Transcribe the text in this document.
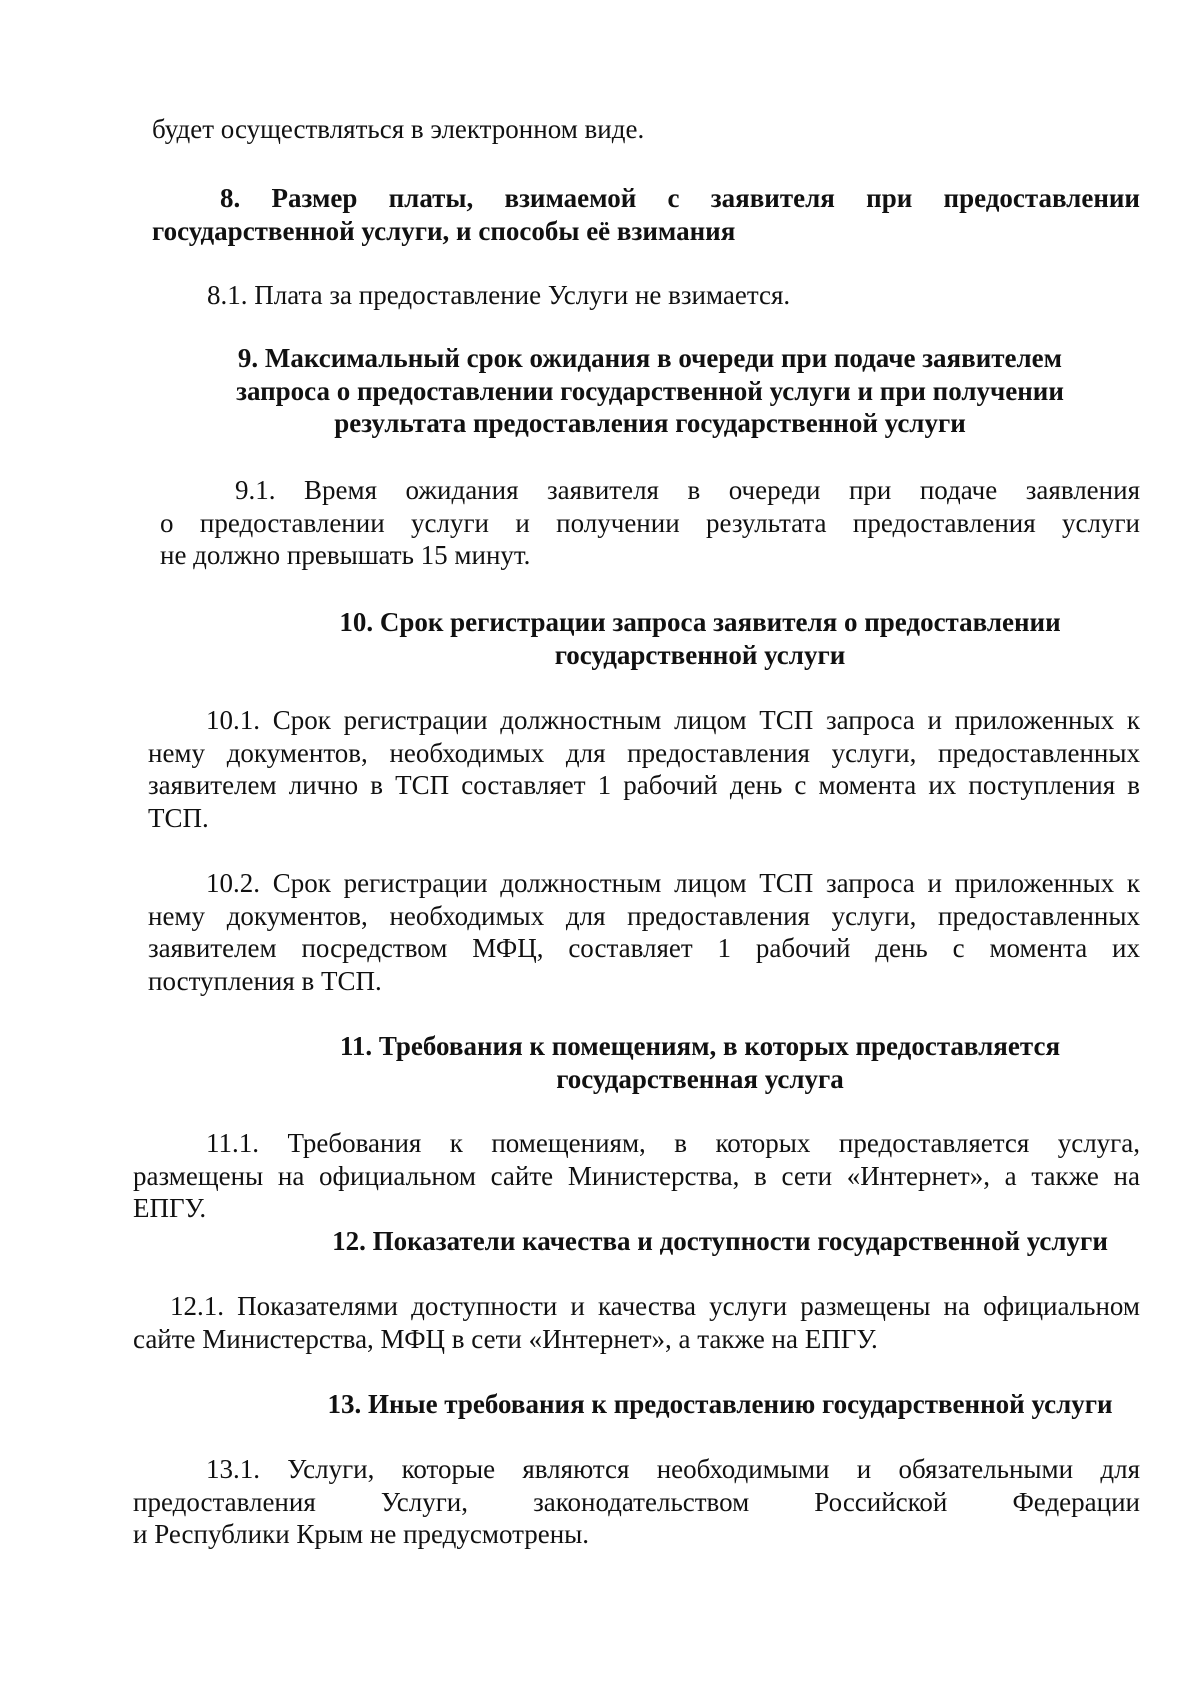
будет осуществляться в электронном виде.

8. Размер платы, взимаемой с заявителя при предоставлении
государственной услуги, и способы её взимания

8.1. Плата за предоставление Услуги не взимается.

9. Максимальный срок ожидания в очереди при подаче заявителем
запроса о предоставлении государственной услуги и при получении
результата предоставления государственной услуги

9.1. Время ожидания заявителя в очереди при подаче заявления
о предоставлении услуги и получении результата предоставления услуги
не должно превышать 15 минут.

10. Срок регистрации запроса заявителя о предоставлении
государственной услуги

10.1. Срок регистрации должностным лицом ТСП запроса и приложенных к
нему документов, необходимых для предоставления услуги, предоставленных
заявителем лично в ТСП составляет 1 рабочий день с момента их поступления в
ТСП.

10.2. Срок регистрации должностным лицом ТСП запроса и приложенных к
нему документов, необходимых для предоставления услуги, предоставленных
заявителем посредством МФЦ, составляет 1 рабочий день с момента их
поступления в ТСП.

11. Требования к помещениям, в которых предоставляется
государственная услуга

11.1. Требования к помещениям, в которых предоставляется услуга,
размещены на официальном сайте Министерства, в сети «Интернет», а также на
ЕПГУ.

12. Показатели качества и доступности государственной услуги

12.1. Показателями доступности и качества услуги размещены на официальном
сайте Министерства, МФЦ в сети «Интернет», а также на ЕПГУ.

13. Иные требования к предоставлению государственной услуги

13.1. Услуги, которые являются необходимыми и обязательными для
предоставления Услуги, законодательством Российской Федерации
и Республики Крым не предусмотрены.
